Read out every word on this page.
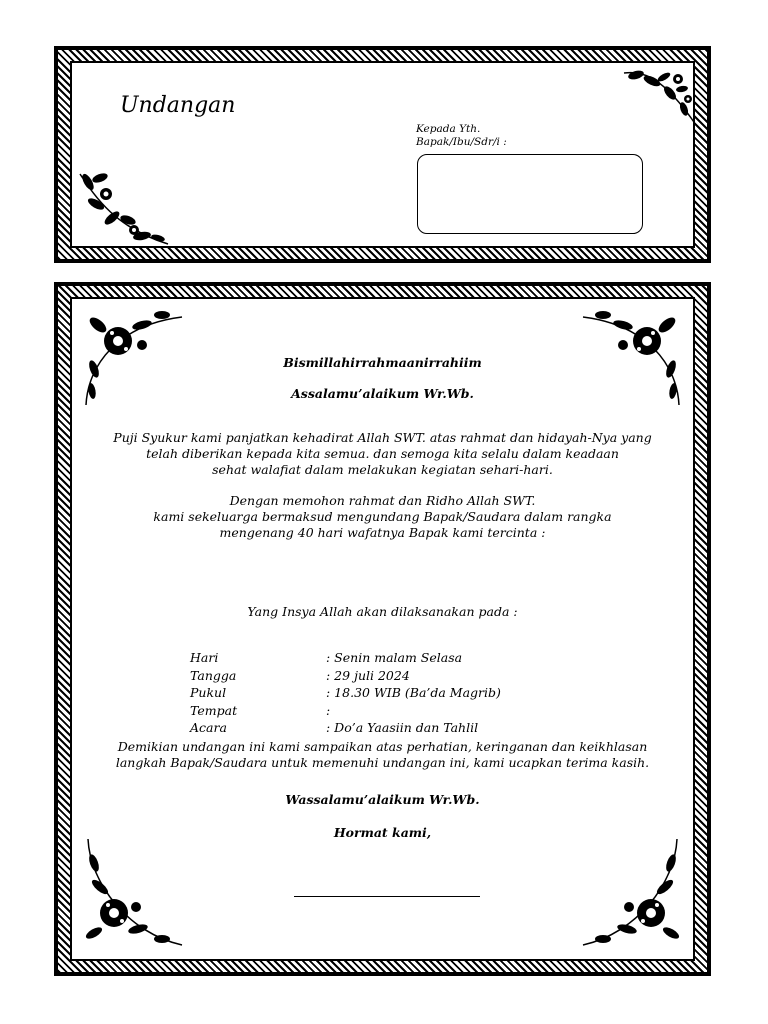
Undangan
Kepada Yth.
Bapak/Ibu/Sdr/i :
Bismillahirrahmaanirrahiim
Assalamu’alaikum Wr.Wb.
Puji Syukur kami panjatkan kehadirat Allah SWT. atas rahmat dan hidayah-Nya yang
telah diberikan kepada kita semua. dan semoga kita selalu dalam keadaan
sehat walafiat dalam melakukan kegiatan sehari-hari.
Dengan memohon rahmat dan Ridho Allah SWT.
kami sekeluarga bermaksud mengundang Bapak/Saudara dalam rangka
mengenang 40 hari wafatnya Bapak kami tercinta :
Yang Insya Allah akan dilaksanakan pada :
Hari	: Senin malam Selasa
Tangga	: 29 juli 2024
Pukul	: 18.30 WIB (Ba’da Magrib)
Tempat	:
Acara	: Do’a Yaasiin dan Tahlil
Demikian undangan ini kami sampaikan atas perhatian, keringanan dan keikhlasan
langkah Bapak/Saudara untuk memenuhi undangan ini, kami ucapkan terima kasih.
Wassalamu’alaikum Wr.Wb.
Hormat kami,
